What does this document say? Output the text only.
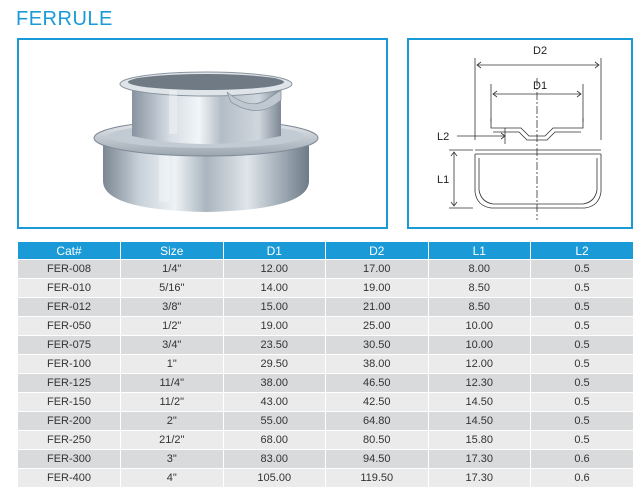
FERRULE
D2
D1
L2
L1
Cat#	Size	D1	D2	L1	L2
FER-008	1/4"	12.00	17.00	8.00	0.5
FER-010	5/16"	14.00	19.00	8.50	0.5
FER-012	3/8"	15.00	21.00	8.50	0.5
FER-050	1/2"	19.00	25.00	10.00	0.5
FER-075	3/4"	23.50	30.50	10.00	0.5
FER-100	1"	29.50	38.00	12.00	0.5
FER-125	11/4"	38.00	46.50	12.30	0.5
FER-150	11/2"	43.00	42.50	14.50	0.5
FER-200	2"	55.00	64.80	14.50	0.5
FER-250	21/2"	68.00	80.50	15.80	0.5
FER-300	3"	83.00	94.50	17.30	0.6
FER-400	4"	105.00	119.50	17.30	0.6
